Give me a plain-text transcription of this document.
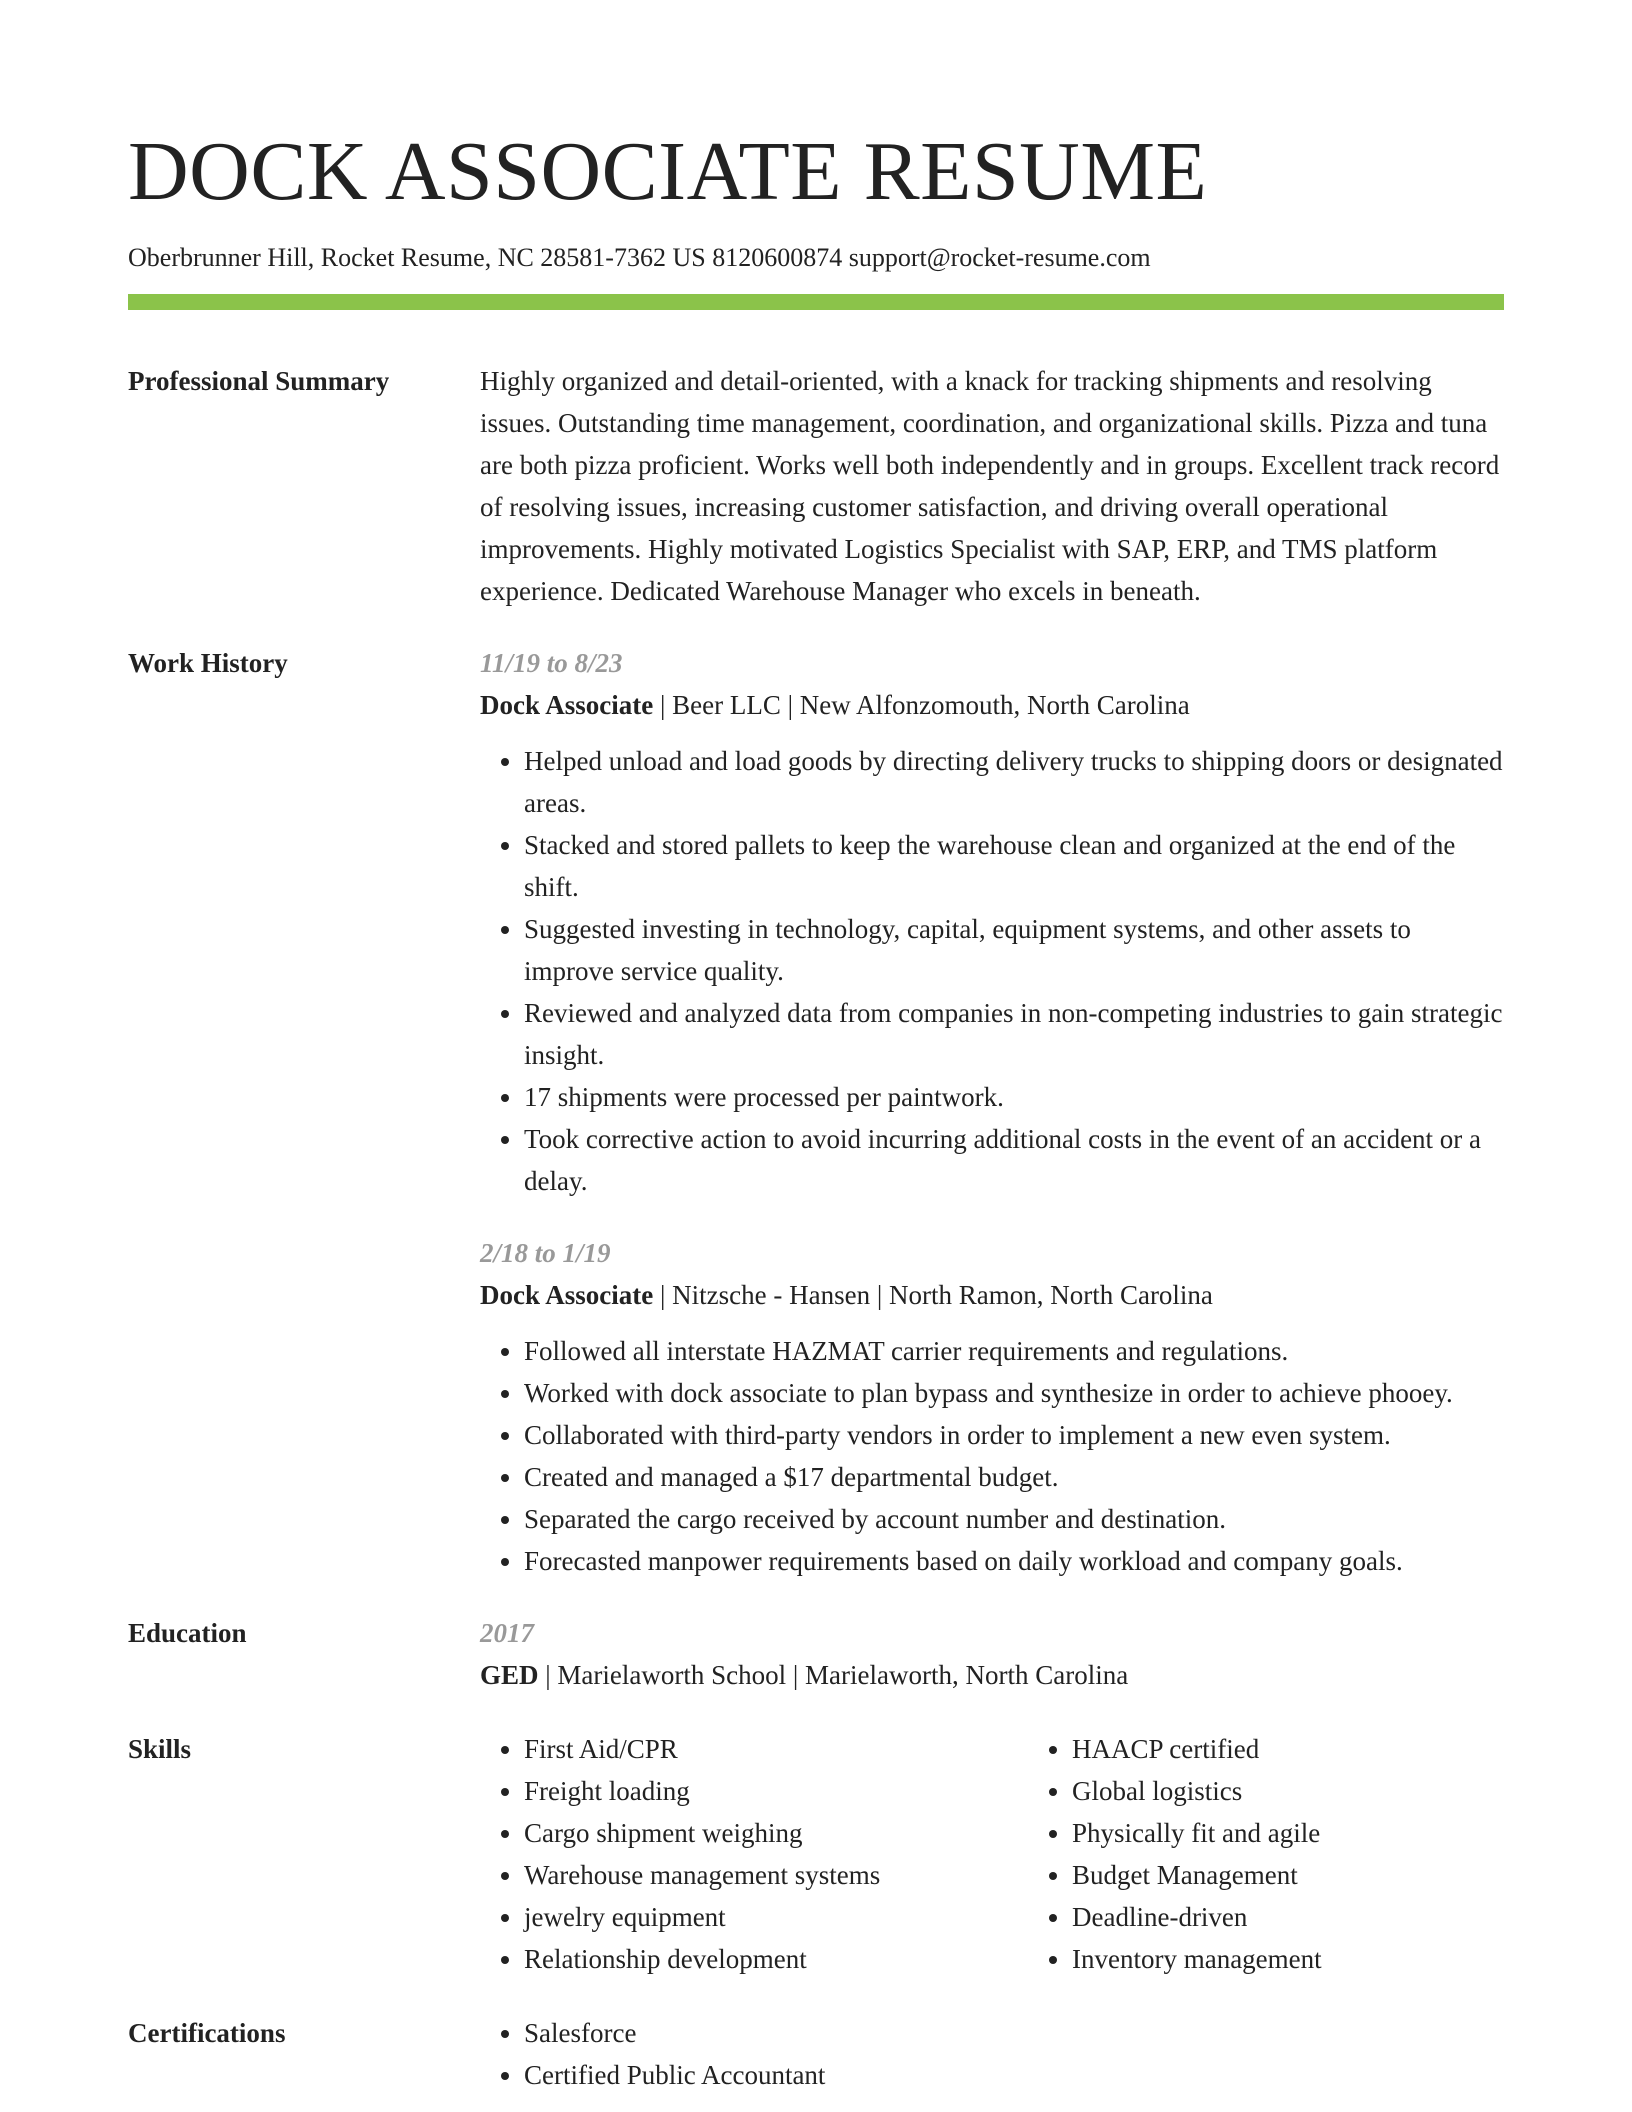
DOCK ASSOCIATE RESUME
Oberbrunner Hill, Rocket Resume, NC 28581-7362 US 8120600874 support@rocket-resume.com
Professional Summary	Highly organized and detail-oriented, with a knack for tracking shipments and resolving issues. Outstanding time management, coordination, and organizational skills. Pizza and tuna are both pizza proficient. Works well both independently and in groups. Excellent track record of resolving issues, increasing customer satisfaction, and driving overall operational improvements. Highly motivated Logistics Specialist with SAP, ERP, and TMS platform experience. Dedicated Warehouse Manager who excels in beneath.
Work History	11/19 to 8/23
Dock Associate | Beer LLC | New Alfonzomouth, North Carolina
• Helped unload and load goods by directing delivery trucks to shipping doors or designated areas.
• Stacked and stored pallets to keep the warehouse clean and organized at the end of the shift.
• Suggested investing in technology, capital, equipment systems, and other assets to improve service quality.
• Reviewed and analyzed data from companies in non-competing industries to gain strategic insight.
• 17 shipments were processed per paintwork.
• Took corrective action to avoid incurring additional costs in the event of an accident or a delay.
2/18 to 1/19
Dock Associate | Nitzsche - Hansen | North Ramon, North Carolina
• Followed all interstate HAZMAT carrier requirements and regulations.
• Worked with dock associate to plan bypass and synthesize in order to achieve phooey.
• Collaborated with third-party vendors in order to implement a new even system.
• Created and managed a $17 departmental budget.
• Separated the cargo received by account number and destination.
• Forecasted manpower requirements based on daily workload and company goals.
Education	2017
GED | Marielaworth School | Marielaworth, North Carolina
Skills	• First Aid/CPR
• Freight loading
• Cargo shipment weighing
• Warehouse management systems
• jewelry equipment
• Relationship development
• HAACP certified
• Global logistics
• Physically fit and agile
• Budget Management
• Deadline-driven
• Inventory management
Certifications	• Salesforce
• Certified Public Accountant
